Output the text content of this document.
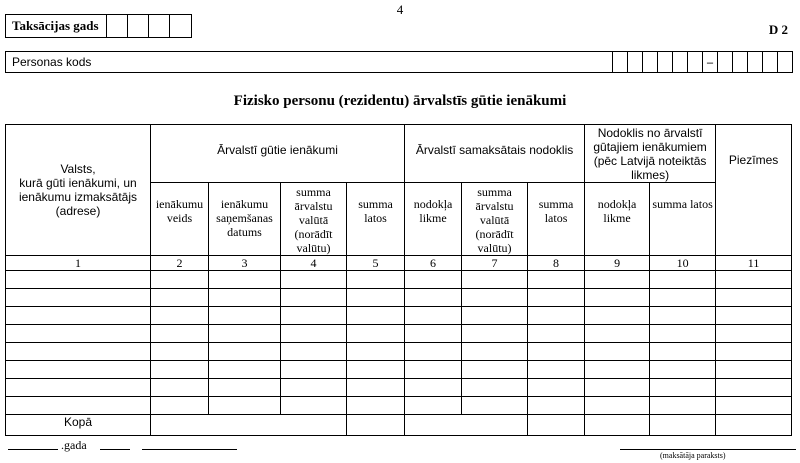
4
D 2
Taksācijas gads
Personas kods	–
Fizisko personu (rezidentu) ārvalstīs gūtie ienākumi
Valsts,
kurā gūti ienākumi, un ienākumu izmaksātājs (adrese)	Ārvalstī gūtie ienākumi				Ārvalstī samaksātais nodoklis			Nodoklis no ārvalstī gūtajiem ienākumiem (pēc Latvijā noteiktās likmes)		Piezīmes
	ienākumu veids	ienākumu saņemšanas datums	summa ārvalstu valūtā (norādīt valūtu)	summa latos	nodokļa likme	summa ārvalstu valūtā (norādīt valūtu)	summa latos	nodokļa likme	summa latos	
1	2	3	4	5	6	7	8	9	10	11

Kopā										
.gada
(maksātāja paraksts)
